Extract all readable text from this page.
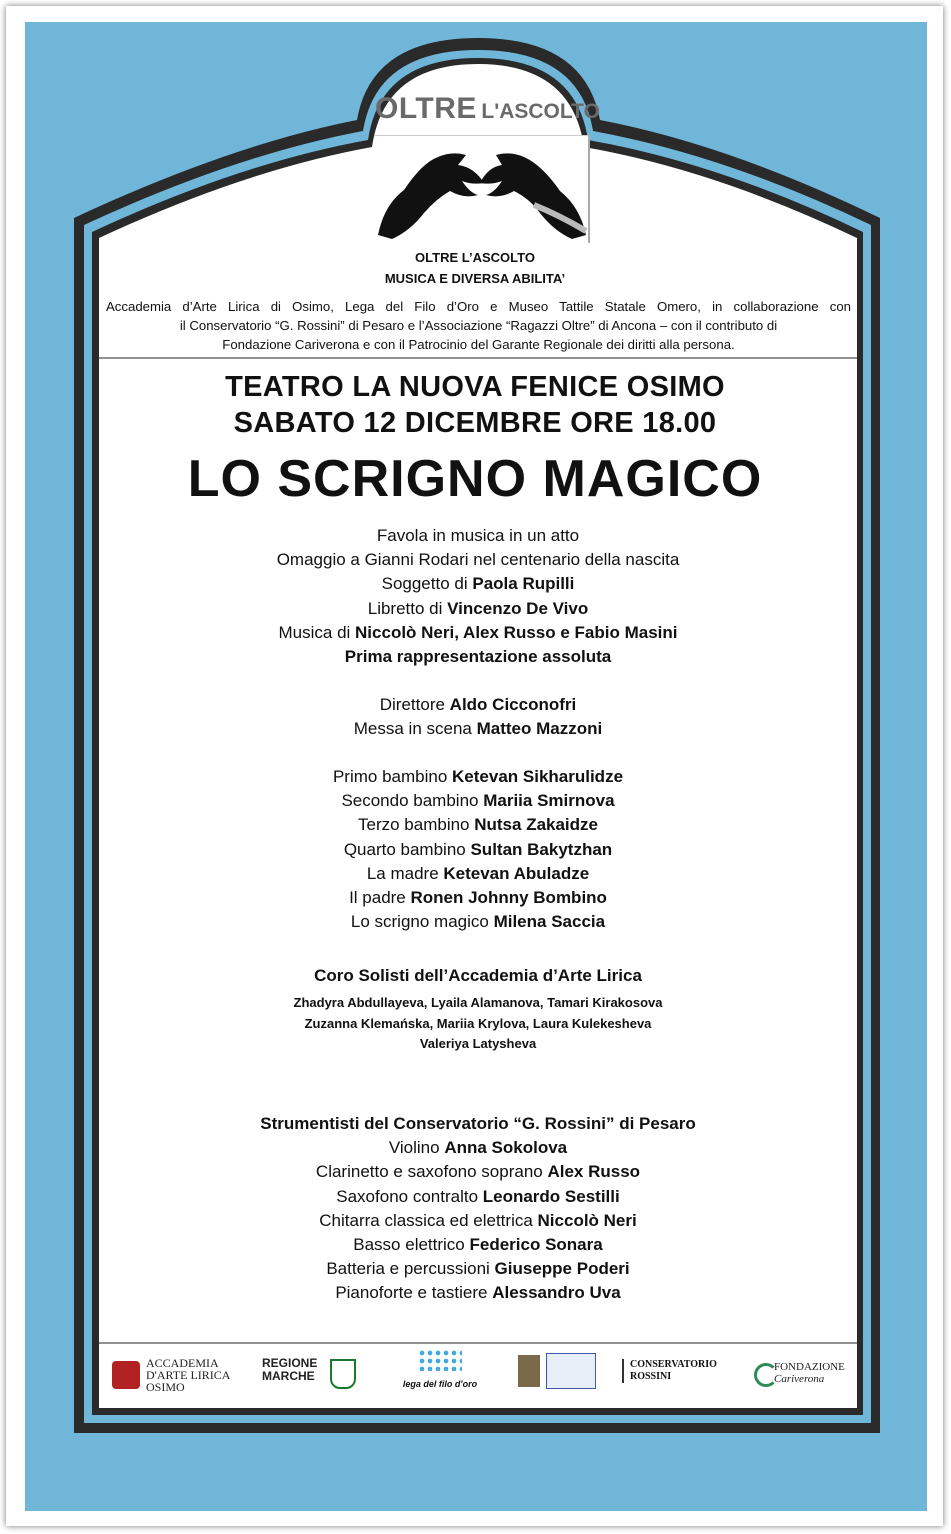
OLTRE L'ASCOLTO
OLTRE L’ASCOLTO
MUSICA E DIVERSA ABILITA’
Accademia d’Arte Lirica di Osimo, Lega del Filo d’Oro e Museo Tattile Statale Omero, in collaborazione con
il Conservatorio “G. Rossini” di Pesaro e l’Associazione “Ragazzi Oltre” di Ancona – con il contributo di
Fondazione Cariverona e con il Patrocinio del Garante Regionale dei diritti alla persona.
TEATRO LA NUOVA FENICE OSIMO
SABATO 12 DICEMBRE ORE 18.00
LO SCRIGNO MAGICO
Favola in musica in un atto
Omaggio a Gianni Rodari nel centenario della nascita
Soggetto di Paola Rupilli
Libretto di Vincenzo De Vivo
Musica di Niccolò Neri, Alex Russo e Fabio Masini
Prima rappresentazione assoluta
Direttore Aldo Cicconofri
Messa in scena Matteo Mazzoni
Primo bambino Ketevan Sikharulidze
Secondo bambino Mariia Smirnova
Terzo bambino Nutsa Zakaidze
Quarto bambino Sultan Bakytzhan
La madre Ketevan Abuladze
Il padre Ronen Johnny Bombino
Lo scrigno magico Milena Saccia
Coro Solisti dell’Accademia d’Arte Lirica
Zhadyra Abdullayeva, Lyaila Alamanova, Tamari Kirakosova
Zuzanna Klemańska, Mariia Krylova, Laura Kulekesheva
Valeriya Latysheva
Strumentisti del Conservatorio “G. Rossini” di Pesaro
Violino Anna Sokolova
Clarinetto e saxofono soprano Alex Russo
Saxofono contralto Leonardo Sestilli
Chitarra classica ed elettrica Niccolò Neri
Basso elettrico Federico Sonara
Batteria e percussioni Giuseppe Poderi
Pianoforte e tastiere Alessandro Uva
ACCADEMIA
D'ARTE LIRICA
OSIMO
REGIONE
MARCHE
lega del filo d'oro
CONSERVATORIO
ROSSINI
FONDAZIONE
Cariverona
